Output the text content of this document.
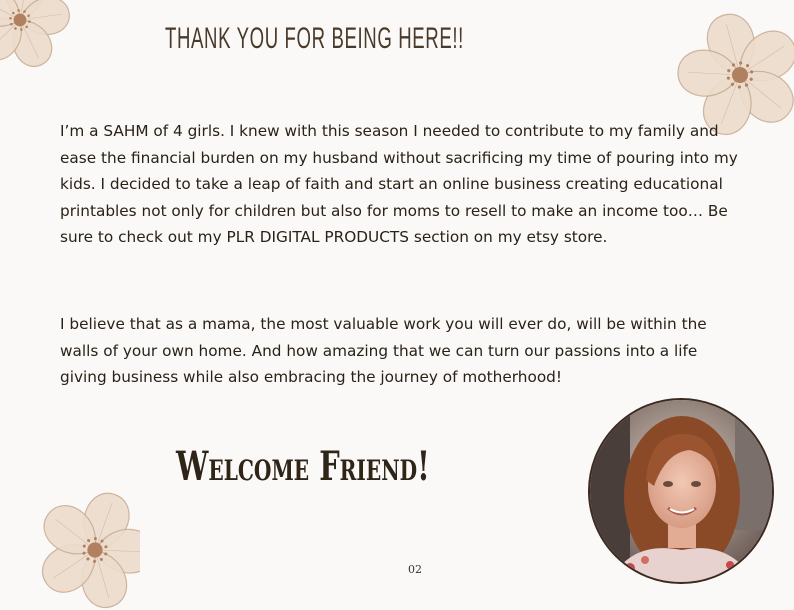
THANK YOU FOR BEING HERE!!

I’m a SAHM of 4 girls. I knew with this season I needed to contribute to my family and ease the financial burden on my husband without sacrificing my time of pouring into my kids. I decided to take a leap of faith and start an online business creating educational printables not only for children but also for moms to resell to make an income too… Be sure to check out my PLR DIGITAL PRODUCTS section on my etsy store.

I believe that as a mama, the most valuable work you will ever do, will be within the walls of your own home. And how amazing that we can turn our passions into a life giving business while also embracing the journey of motherhood!

Welcome Friend!
02
